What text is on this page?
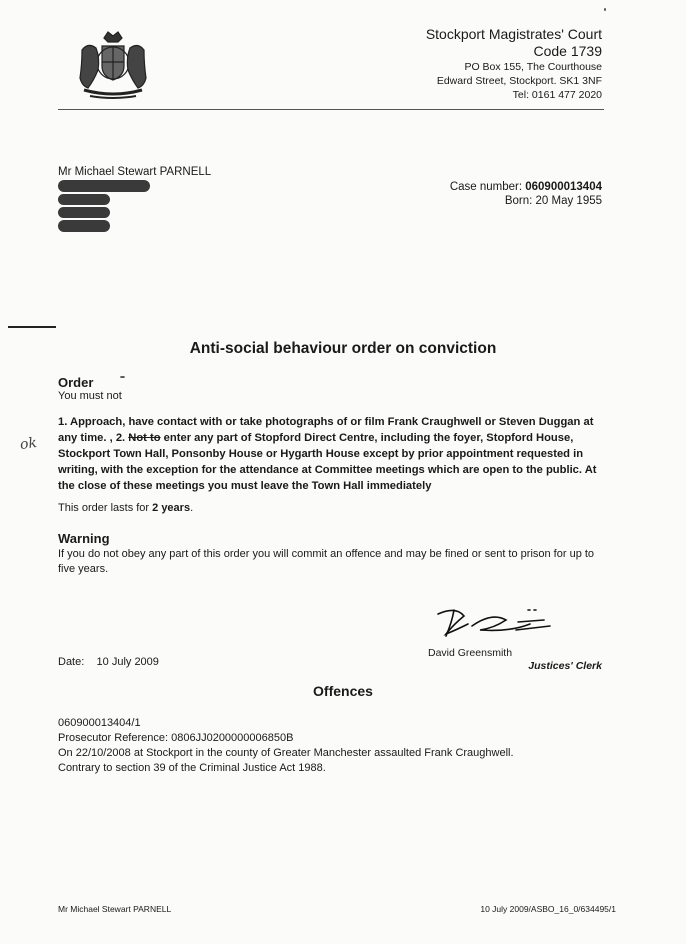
Stockport Magistrates' Court
Code 1739
PO Box 155, The Courthouse
Edward Street, Stockport. SK1 3NF
Tel: 0161 477 2020
Mr Michael Stewart PARNELL
Case number: 060900013404
Born: 20 May 1955
Anti-social behaviour order on conviction
Order
You must not
ok
1. Approach, have contact with or take photographs of or film Frank Craughwell or Steven Duggan at any time. , 2. Not to enter any part of Stopford Direct Centre, including the foyer, Stopford House, Stockport Town Hall, Ponsonby House or Hygarth House except by prior appointment requested in writing, with the exception for the attendance at Committee meetings which are open to the public. At the close of these meetings you must leave the Town Hall immediately
This order lasts for 2 years.
Warning
If you do not obey any part of this order you will commit an offence and may be fined or sent to prison for up to five years.
Date: 10 July 2009
David Greensmith
Justices' Clerk
Offences
060900013404/1
Prosecutor Reference: 0806JJ0200000006850B
On 22/10/2008 at Stockport in the county of Greater Manchester assaulted Frank Craughwell.
Contrary to section 39 of the Criminal Justice Act 1988.
Mr Michael Stewart PARNELL	10 July 2009/ASBO_16_0/634495/1
